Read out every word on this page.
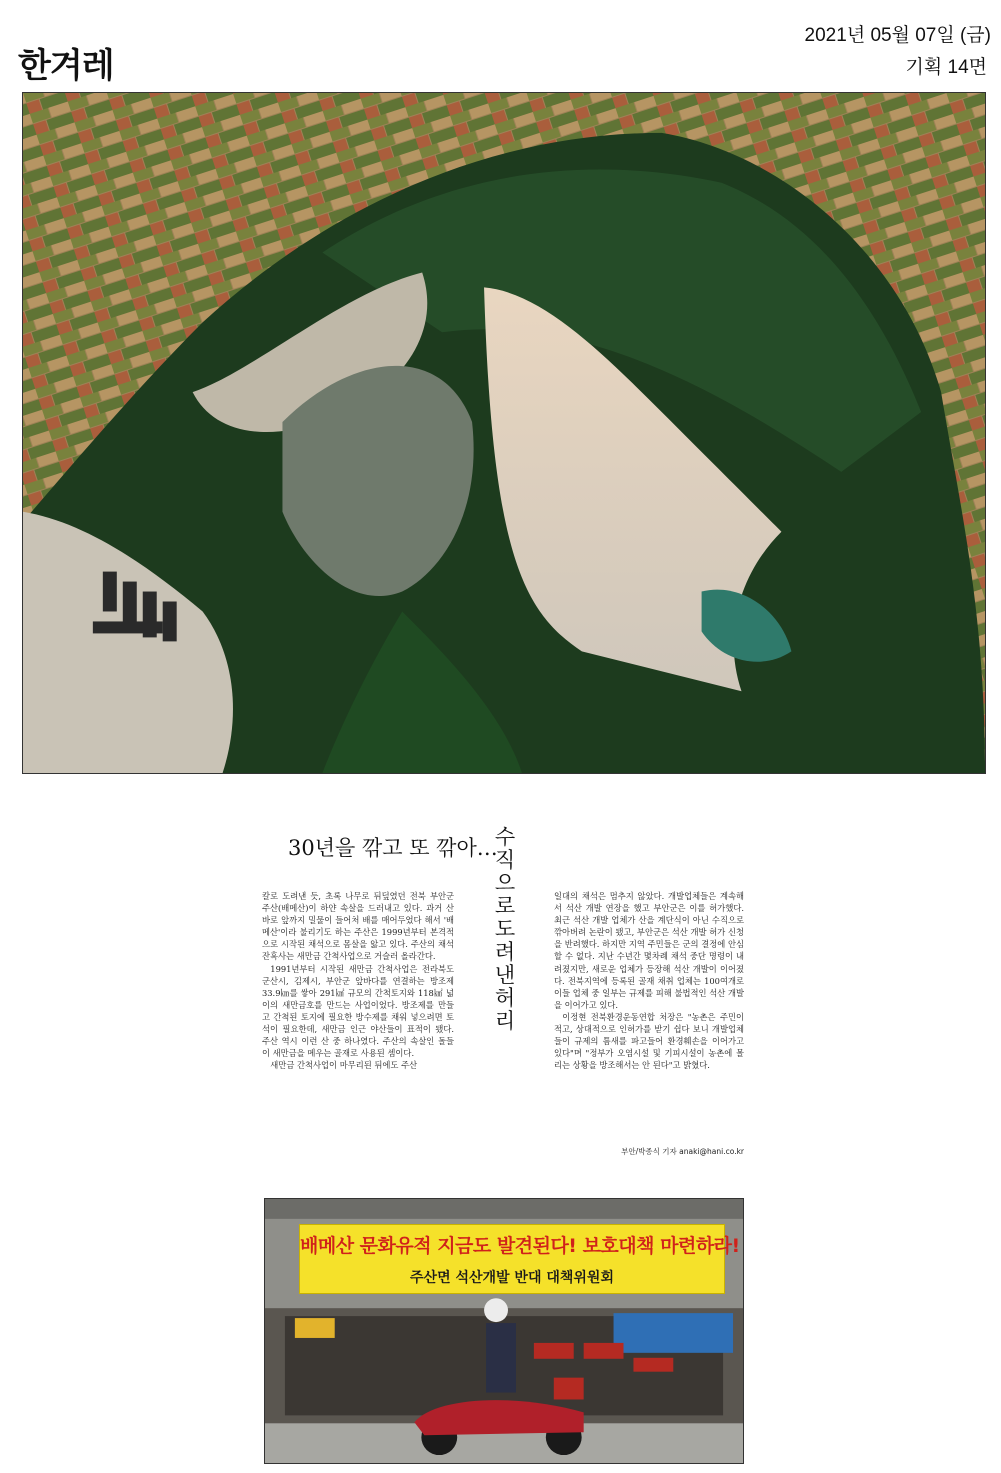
한겨레
2021년 05월 07일 (금)
기획 14면
30년을 깎고 또 깎아…
수직으로 도려낸 허리

칼로 도려낸 듯, 초록 나무로 뒤덮였던 전북 부안군 주산(배메산)이 하얀 속살을 드러내고 있다. 과거 산 바로 앞까지 밀물이 들어처 배를 매어두었다 해서 '배메산'이라 불리기도 하는 주산은 1999년부터 본격적으로 시작된 채석으로 몸살을 앓고 있다. 주산의 채석 잔혹사는 새만금 간척사업으로 거슬러 올라간다.

1991년부터 시작된 새만금 간척사업은 전라북도 군산시, 김제시, 부안군 앞바다를 연결하는 방조제 33.9㎞를 쌓아 291㎢ 규모의 간척토지와 118㎢ 넓이의 새만금호를 만드는 사업이었다. 방조제를 만들고 간척된 토지에 필요한 방수제를 채워 넣으려면 토석이 필요한데, 새만금 인근 야산들이 표적이 됐다. 주산 역시 이런 산 중 하나였다. 주산의 속살인 돌들이 새만금을 메우는 골재로 사용된 셈이다.

새만금 간척사업이 마무리된 뒤에도 주산

일대의 채석은 멈추지 않았다. 개발업체들은 계속해서 석산 개발 연장을 했고 부안군은 이를 허가했다. 최근 석산 개발 업체가 산을 계단식이 아닌 수직으로 깎아버려 논란이 됐고, 부안군은 석산 개발 허가 신청을 반려했다. 하지만 지역 주민들은 군의 결정에 안심할 수 없다. 지난 수년간 몇차례 채석 중단 명령이 내려졌지만, 새로운 업체가 등장해 석산 개발이 이어졌다. 전북지역에 등록된 골재 채취 업체는 100여개로 이들 업체 중 일부는 규제를 피해 불법적인 석산 개발을 이어가고 있다.

이정현 전북환경운동연합 처장은 "농촌은 주민이 적고, 상대적으로 인허가를 받기 쉽다 보니 개발업체들이 규제의 틈새를 파고들어 환경훼손을 이어가고 있다"며 "정부가 오염시설 및 기피시설이 농촌에 몰리는 상황을 방조해서는 안 된다"고 밝혔다.

부안/박종식 기자 anaki@hani.co.kr
배메산 문화유적 지금도 발견된다! 보호대책 마련하라!
주산면 석산개발 반대 대책위원회
